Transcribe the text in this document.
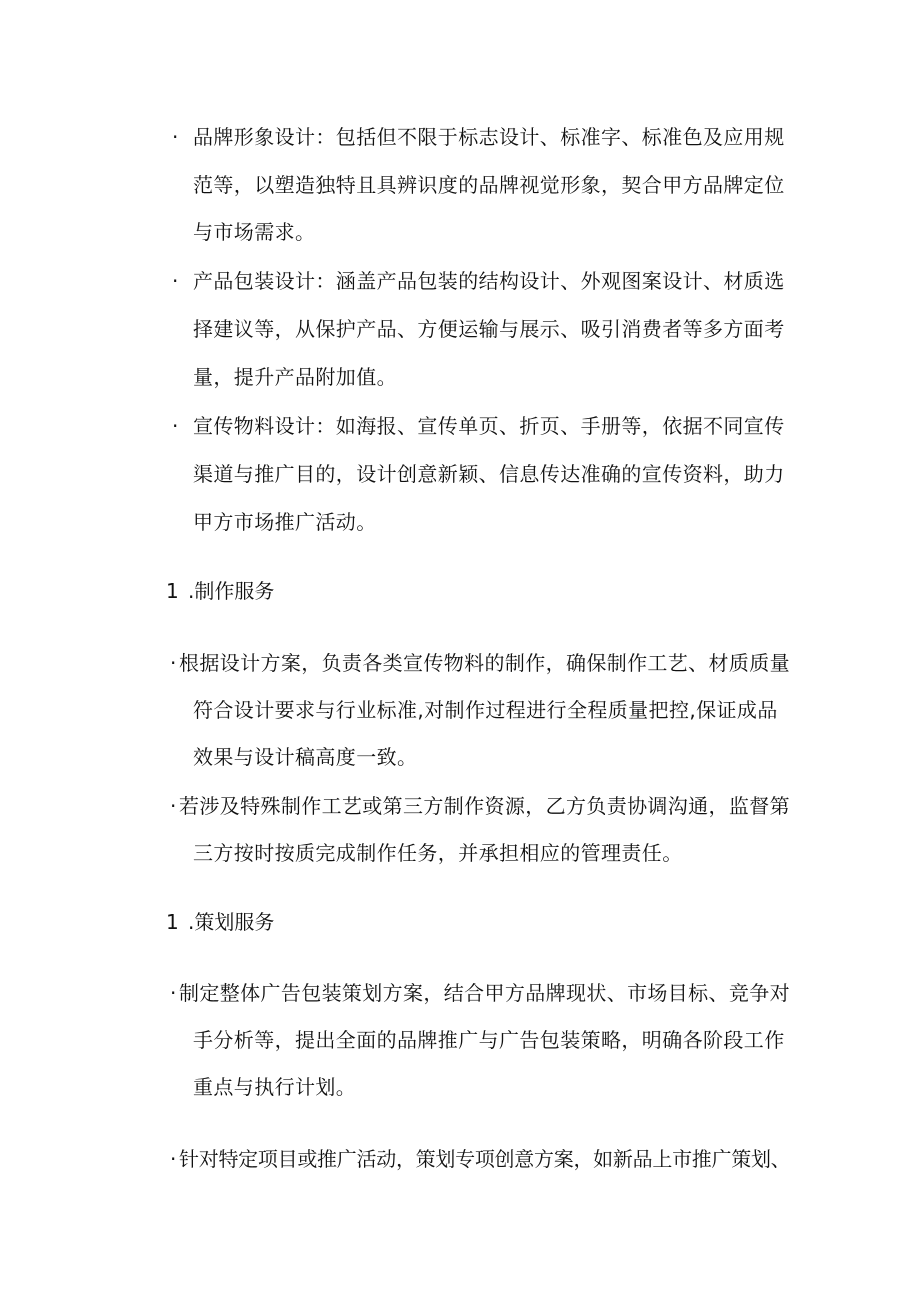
· 品牌形象设计：包括但不限于标志设计、标准字、标准色及应用规
范等，以塑造独特且具辨识度的品牌视觉形象，契合甲方品牌定位
与市场需求。
· 产品包装设计：涵盖产品包装的结构设计、外观图案设计、材质选
择建议等，从保护产品、方便运输与展示、吸引消费者等多方面考
量，提升产品附加值。
· 宣传物料设计：如海报、宣传单页、折页、手册等，依据不同宣传
渠道与推广目的，设计创意新颖、信息传达准确的宣传资料，助力
甲方市场推广活动。
1 .制作服务
· 根据设计方案，负责各类宣传物料的制作，确保制作工艺、材质质量
符合设计要求与行业标准,对制作过程进行全程质量把控,保证成品
效果与设计稿高度一致。
· 若涉及特殊制作工艺或第三方制作资源，乙方负责协调沟通，监督第
三方按时按质完成制作任务，并承担相应的管理责任。
1 .策划服务
· 制定整体广告包装策划方案，结合甲方品牌现状、市场目标、竞争对
手分析等，提出全面的品牌推广与广告包装策略，明确各阶段工作
重点与执行计划。
· 针对特定项目或推广活动，策划专项创意方案，如新品上市推广策划、
